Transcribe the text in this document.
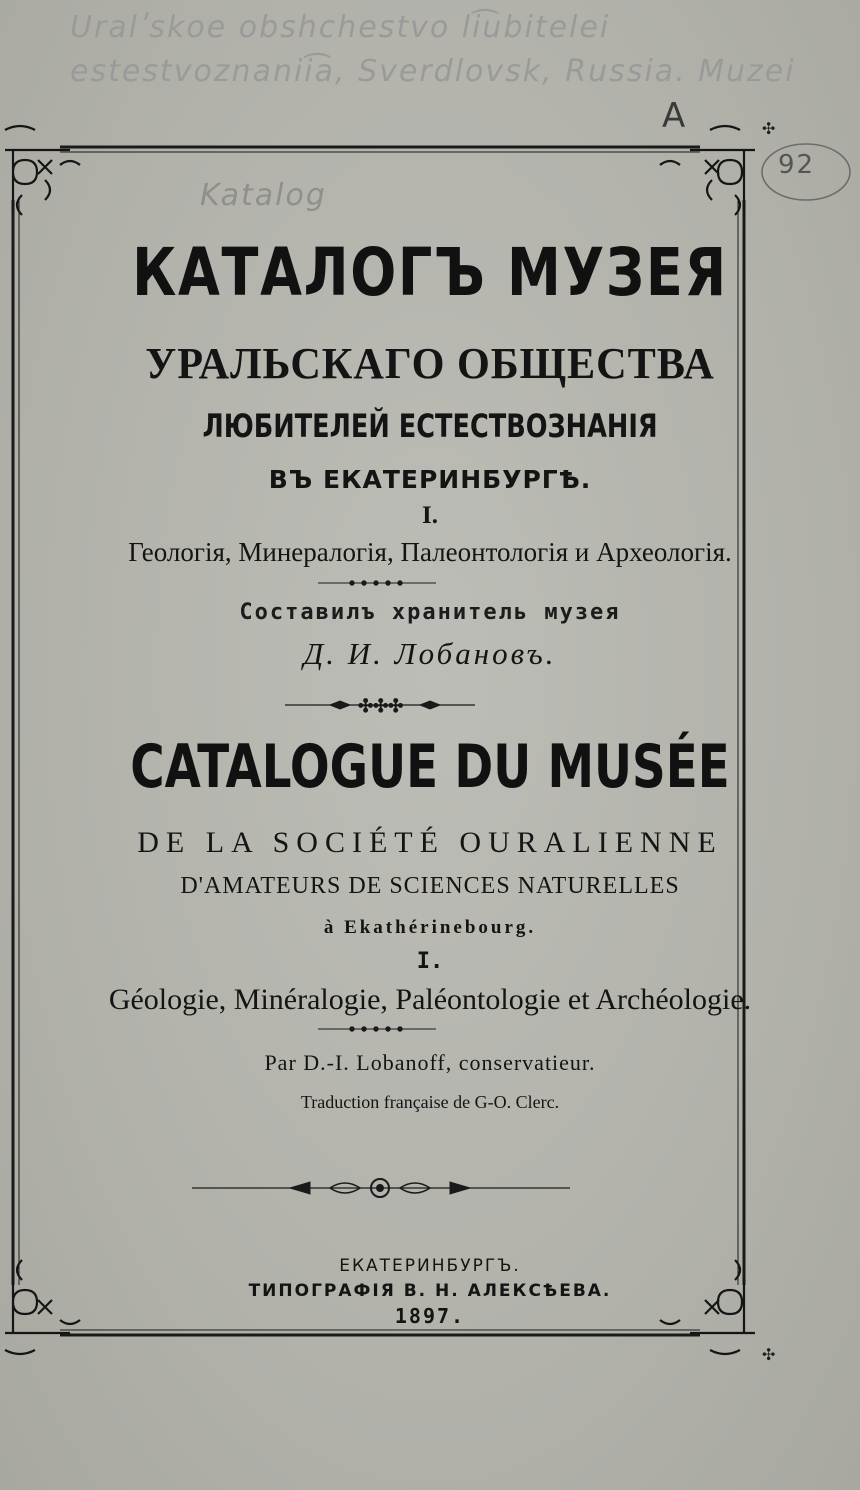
Uralʹskoe obshchestvo li͡ubitelei estestvoznanii͡a, Sverdlovsk, Russia. Muzei
Katalog
A
92
✣
✣
КАТАЛОГЪ МУЗЕЯ
УРАЛЬСКАГО ОБЩЕСТВА
ЛЮБИТЕЛЕЙ ЕСТЕСТВОЗНАНІЯ
ВЪ ЕКАТЕРИНБУРГѢ.
I.
Геологія, Минералогія, Палеонтологія и Археологія.
Составилъ хранитель музея
Д. И. Лобановъ.
✣✣✣
CATALOGUE DU MUSÉE
DE LA SOCIÉTÉ OURALIENNE
D'AMATEURS DE SCIENCES NATURELLES
à Ekathérinebourg.
I.
Géologie, Minéralogie, Paléontologie et Archéologie.
Par D.-I. Lobanoff, conservatieur.
Traduction française de G-O. Clerc.
ЕКАТЕРИНБУРГЪ.
ТИПОГРАФІЯ В. Н. АЛЕКСѢЕВА.
1897.
